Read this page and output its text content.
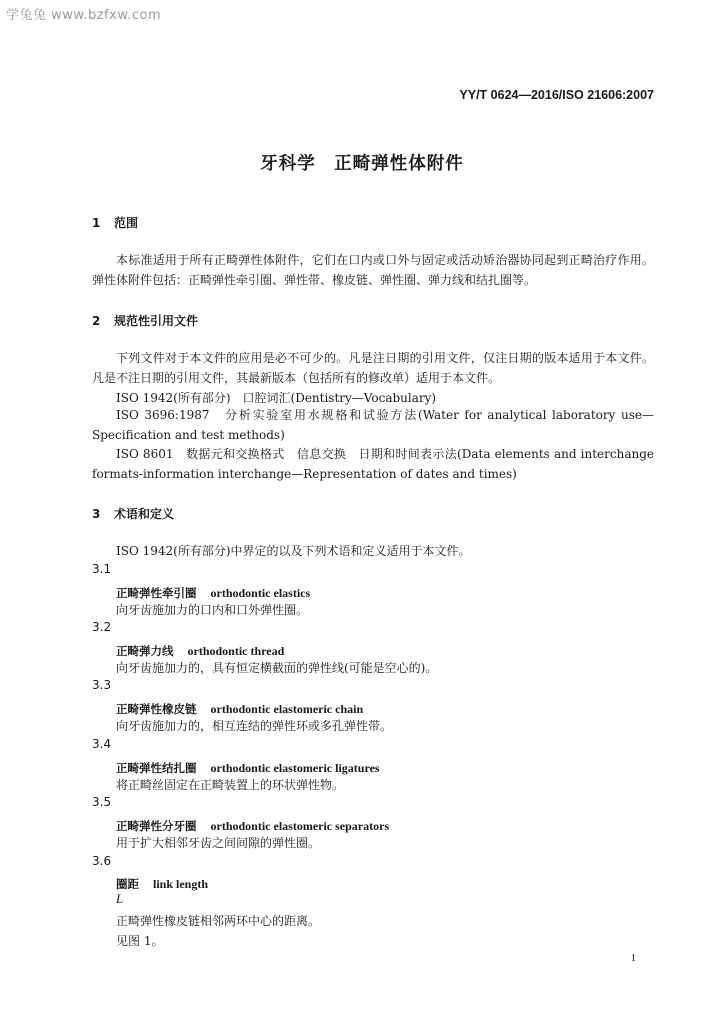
学兔兔 www.bzfxw.com
YY/T 0624—2016/ISO 21606:2007
牙科学　正畸弹性体附件
1 范围
本标准适用于所有正畸弹性体附件，它们在口内或口外与固定或活动矫治器协同起到正畸治疗作用。弹性体附件包括：正畸弹性牵引圈、弹性带、橡皮链、弹性圈、弹力线和结扎圈等。
2 规范性引用文件
下列文件对于本文件的应用是必不可少的。凡是注日期的引用文件，仅注日期的版本适用于本文件。凡是不注日期的引用文件，其最新版本（包括所有的修改单）适用于本文件。
ISO 1942(所有部分)　口腔词汇(Dentistry—Vocabulary)
ISO 3696:1987　分析实验室用水规格和试验方法(Water for analytical laboratory use—Specification and test methods)
ISO 8601　数据元和交换格式　信息交换　日期和时间表示法(Data elements and interchange formats-information interchange—Representation of dates and times)
3 术语和定义
ISO 1942(所有部分)中界定的以及下列术语和定义适用于本文件。
3.1
正畸弹性牵引圈 orthodontic elastics
向牙齿施加力的口内和口外弹性圈。
3.2
正畸弹力线 orthodontic thread
向牙齿施加力的，具有恒定横截面的弹性线(可能是空心的)。
3.3
正畸弹性橡皮链 orthodontic elastomeric chain
向牙齿施加力的，相互连结的弹性环或多孔弹性带。
3.4
正畸弹性结扎圈 orthodontic elastomeric ligatures
将正畸丝固定在正畸装置上的环状弹性物。
3.5
正畸弹性分牙圈 orthodontic elastomeric separators
用于扩大相邻牙齿之间间隙的弹性圈。
3.6
圈距 link length
L
正畸弹性橡皮链相邻两环中心的距离。
见图 1。
1
